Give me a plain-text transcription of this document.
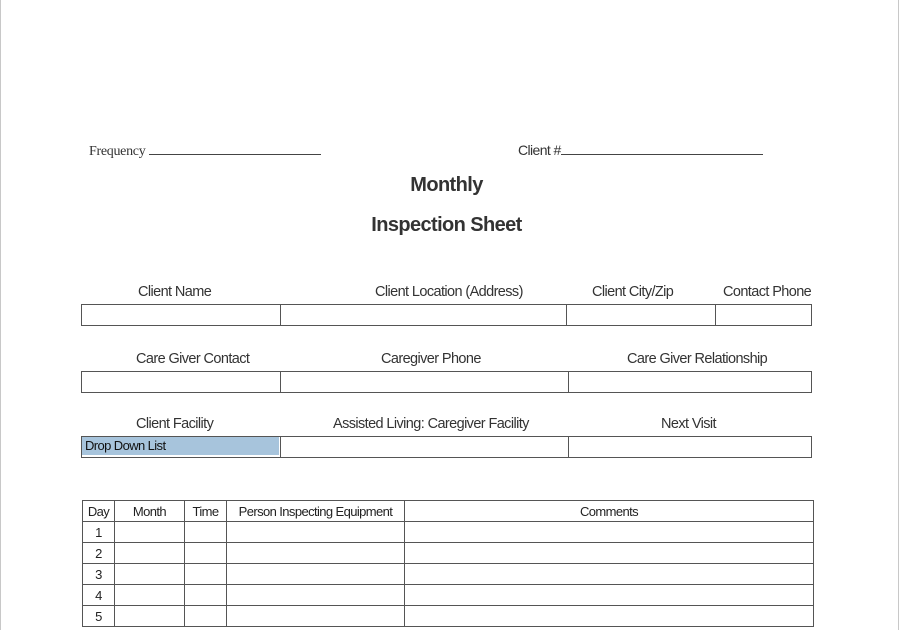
Frequency	Client #
Monthly
Inspection Sheet
Client Name	Client Location (Address)	Client City/Zip	Contact Phone
Care Giver Contact	Caregiver Phone	Care Giver Relationship
Client Facility	Assisted Living: Caregiver Facility	Next Visit
Drop Down List
Day	Month	Time	Person Inspecting Equipment	Comments
1				
2				
3				
4				
5				
